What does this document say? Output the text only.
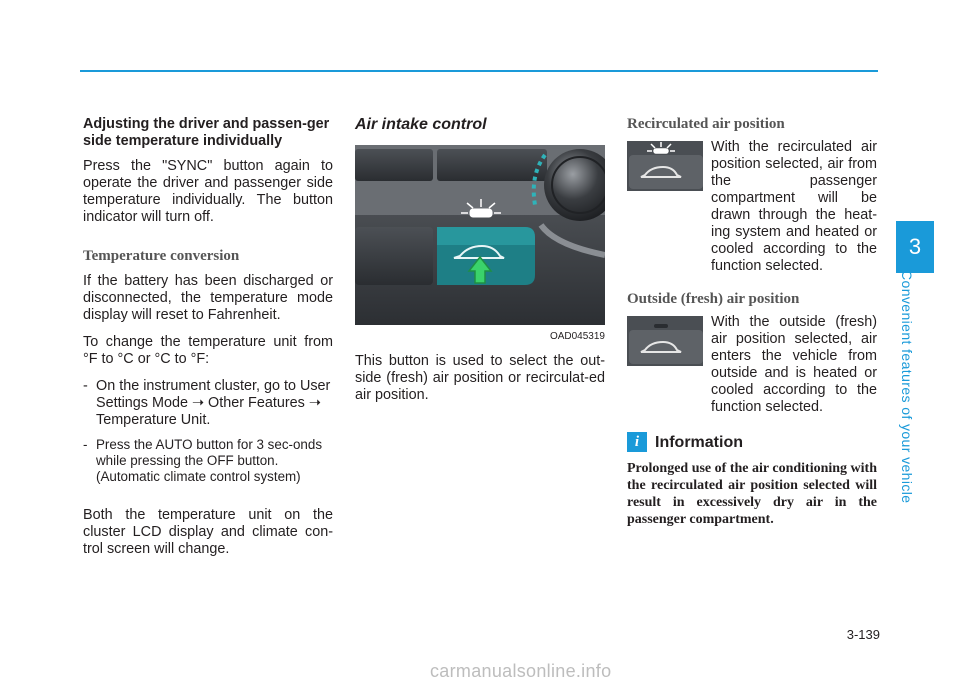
3
Convenient features of your vehicle
Adjusting the driver and passen-ger side temperature individually

Press the "SYNC" button again to operate the driver and passenger side temperature individually. The button indicator will turn off.

Temperature conversion

If the battery has been discharged or disconnected, the temperature mode display will reset to Fahrenheit.

To change the temperature unit from °F to °C or °C to °F:

- On the instrument cluster, go to User Settings Mode ➝ Other Features ➝ Temperature Unit.
- Press the AUTO button for 3 sec-onds while pressing the OFF button. (Automatic climate control system)

Both the temperature unit on the cluster LCD display and climate con-trol screen will change.

Air intake control
OAD045319

This button is used to select the out-side (fresh) air position or recirculat-ed air position.

Recirculated air position
With the recirculated air position selected, air from the passenger compartment will be drawn through the heat-ing system and heated or cooled according to the function selected.
Outside (fresh) air position
With the outside (fresh) air position selected, air enters the vehicle from outside and is heated or cooled according to the function selected.
i Information
Prolonged use of the air conditioning with the recirculated air position selected will result in excessively dry air in the passenger compartment.
3-139
carmanualsonline.info
